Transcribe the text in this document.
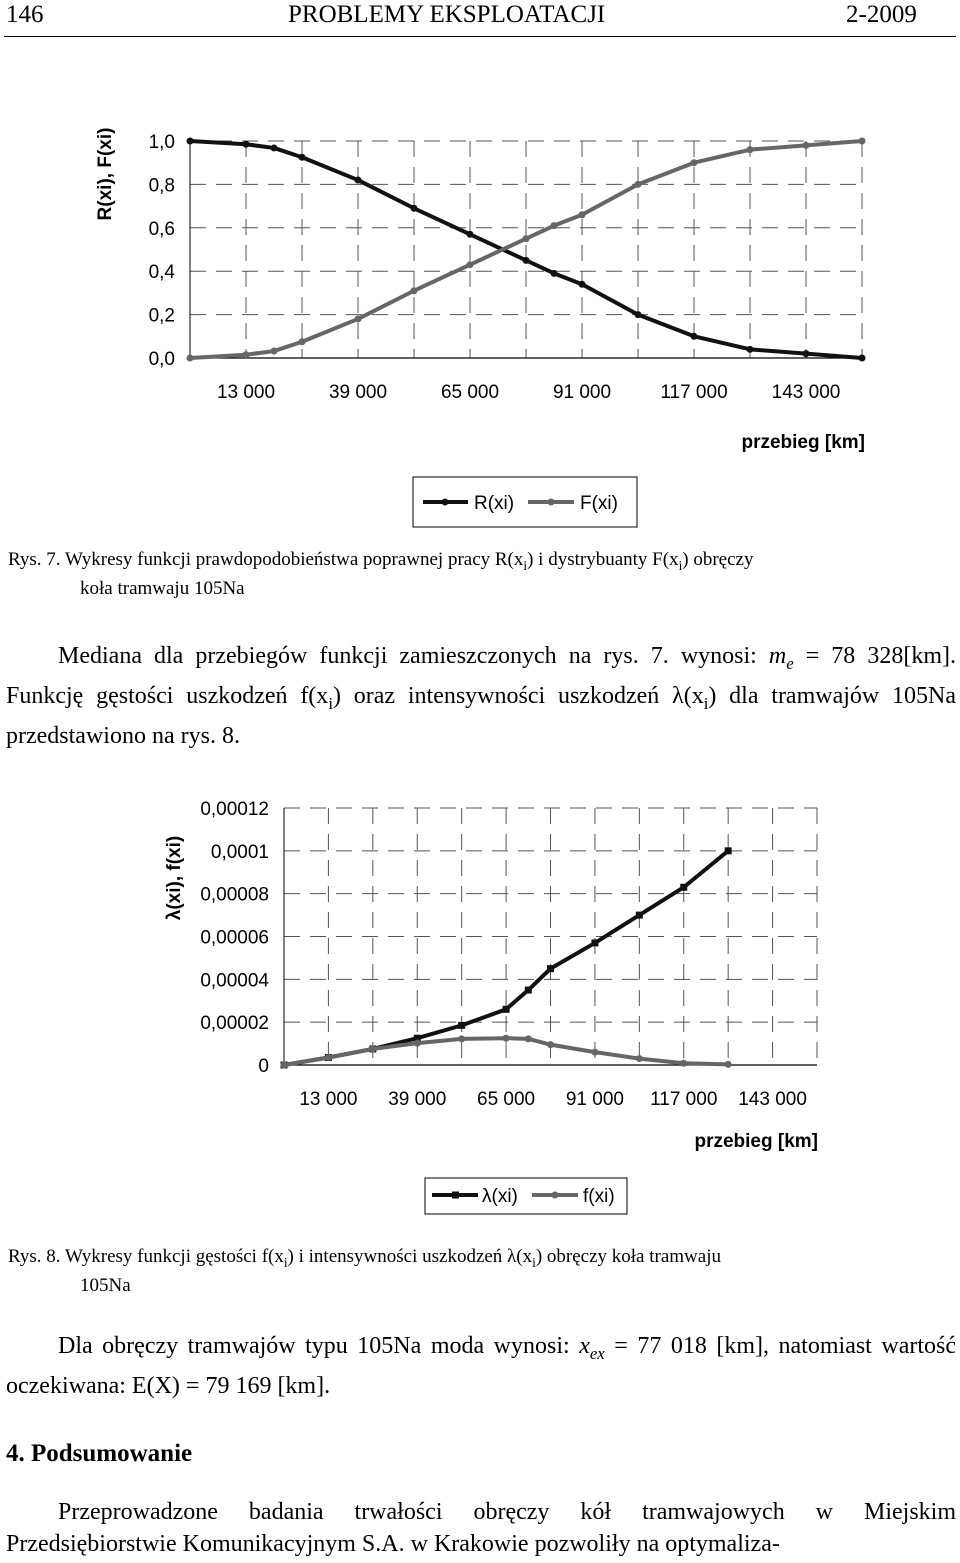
146	PROBLEMY EKSPLOATACJI	2-2009
0,0
0,2
0,4
0,6
0,8
1,0
13 000	39 000	65 000	91 000	117 000 143 000
R(xi), F(xi)
przebieg [km]
R(xi)	F(xi)
Rys. 7. Wykresy funkcji prawdopodobieństwa poprawnej pracy $R(x_i)$ i dystrybuanty $F(x_i)$ obręczy
koła tramwaju 105Na
Mediana dla przebiegów funkcji zamieszczonych na rys. 7. wynosi: $m_e = 78$ 328[km]. Funkcję gęstości uszkodzeń $f(x_i)$ oraz intensywności uszkodzeń $\lambda(x_i)$ dla tramwajów 105Na przedstawiono na rys. 8.
0
0,00002
0,00004
0,00006
0,00008
0,0001
0,00012
13 000 39 000 65 000 91 000 117 000 143 000
λ(xi), f(xi)
przebieg [km]
λ(xi)	f(xi)
Rys. 8. Wykresy funkcji gęstości $f(x_i)$ i intensywności uszkodzeń $\lambda(x_i)$ obręczy koła tramwaju
105Na
Dla obręczy tramwajów typu 105Na moda wynosi: $x_{ex} = 77$ 018 [km], natomiast wartość oczekiwana: E(X) = 79 169 [km].
4. Podsumowanie
Przeprowadzone badania trwałości obręczy kół tramwajowych w Miejskim Przedsiębiorstwie Komunikacyjnym S.A. w Krakowie pozwoliły na optymaliza-
